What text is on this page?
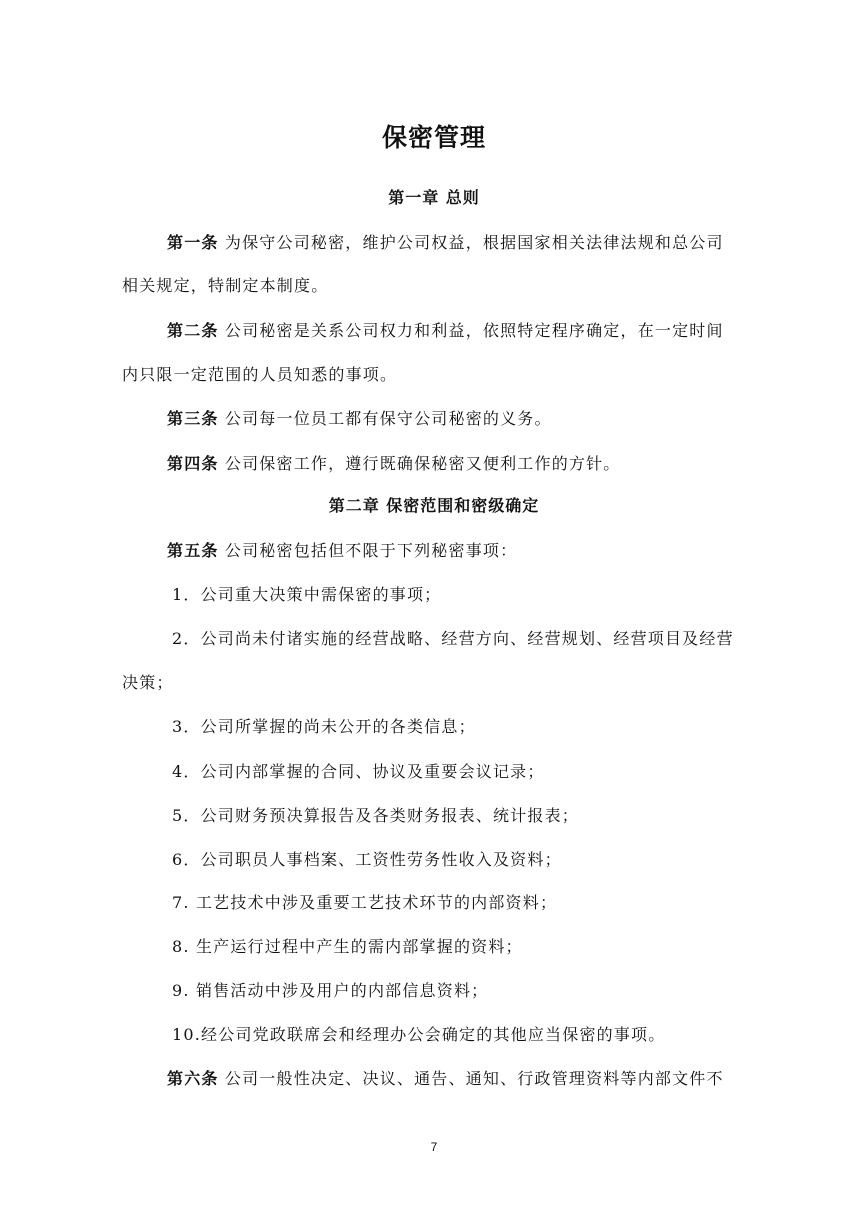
保密管理
第一章 总则
第一条 为保守公司秘密，维护公司权益，根据国家相关法律法规和总公司
相关规定，特制定本制度。
第二条 公司秘密是关系公司权力和利益，依照特定程序确定，在一定时间
内只限一定范围的人员知悉的事项。
第三条 公司每一位员工都有保守公司秘密的义务。
第四条 公司保密工作，遵行既确保秘密又便利工作的方针。
第二章 保密范围和密级确定
第五条 公司秘密包括但不限于下列秘密事项：
1．公司重大决策中需保密的事项；
2．公司尚未付诸实施的经营战略、经营方向、经营规划、经营项目及经营
决策；
3．公司所掌握的尚未公开的各类信息；
4．公司内部掌握的合同、协议及重要会议记录；
5．公司财务预决算报告及各类财务报表、统计报表；
6．公司职员人事档案、工资性劳务性收入及资料；
7. 工艺技术中涉及重要工艺技术环节的内部资料；
8. 生产运行过程中产生的需内部掌握的资料；
9. 销售活动中涉及用户的内部信息资料；
10.经公司党政联席会和经理办公会确定的其他应当保密的事项。
第六条 公司一般性决定、决议、通告、通知、行政管理资料等内部文件不
7
